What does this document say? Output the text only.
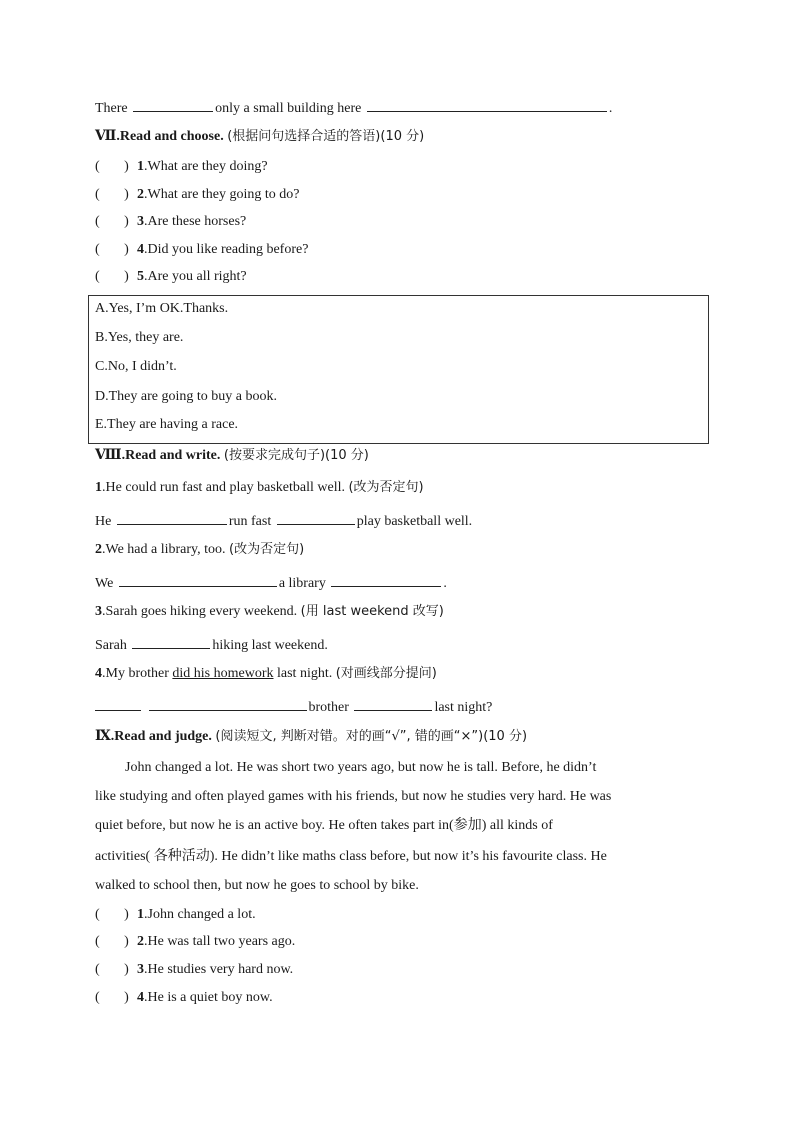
There	only a small building here	.
Ⅶ.Read and choose. (根据问句选择合适的答语)(10 分)
(       ) 1.What are they doing?
(       ) 2.What are they going to do?
(       ) 3.Are these horses?
(       ) 4.Did you like reading before?
(       ) 5.Are you all right?
A.Yes, I’m OK.Thanks.
B.Yes, they are.
C.No, I didn’t.
D.They are going to buy a book.
E.They are having a race.
Ⅷ.Read and write. (按要求完成句子)(10 分)
1.He could run fast and play basketball well. (改为否定句)
He	run fast	play basketball well.
2.We had a library, too. (改为否定句)
We	a library	.
3.Sarah goes hiking every weekend. (用 last weekend 改写)
Sarah	hiking last weekend.
4.My brother did his homework last night. (对画线部分提问)
brother	last night?
Ⅸ.Read and judge. (阅读短文, 判断对错。对的画“√”, 错的画“×”)(10 分)
John changed a lot. He was short two years ago, but now he is tall. Before, he didn’t
like studying and often played games with his friends, but now he studies very hard. He was
quiet before, but now he is an active boy. He often takes part in(参加) all kinds of
activities( 各种活动). He didn’t like maths class before, but now it’s his favourite class. He
walked to school then, but now he goes to school by bike.
(       ) 1.John changed a lot.
(       ) 2.He was tall two years ago.
(       ) 3.He studies very hard now.
(       ) 4.He is a quiet boy now.
